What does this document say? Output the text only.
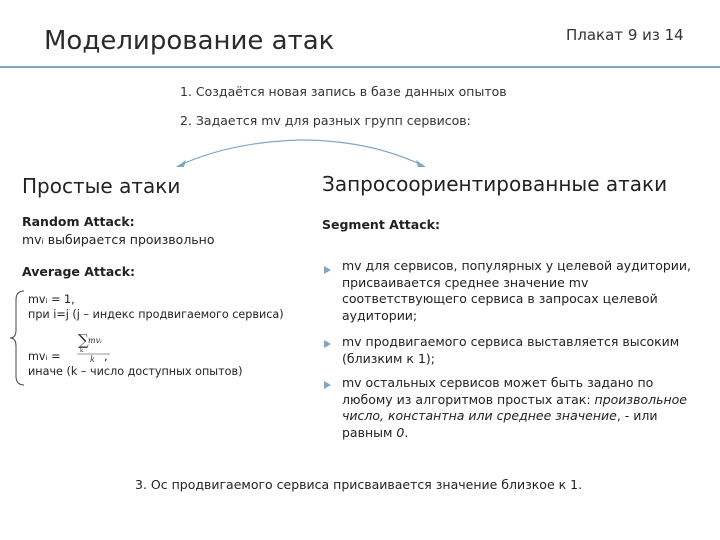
Моделирование атак	Плакат 9 из 14
1. Создаётся новая запись в базе данных опытов
2. Задается mv для разных групп сервисов:
Простые атаки	Запросоориентированные атаки
Random Attack:
mvᵢ выбирается произвольно
Average Attack:
mvᵢ = 1,
при i=j (j – индекс продвигаемого сервиса)
∑
k
mvᵢ
k
mvᵢ =	,
иначе (k – число доступных опытов)
Segment Attack:
mv для сервисов, популярных у целевой аудитории, присваивается среднее значение mv соответствующего сервиса в запросах целевой аудитории;
mv продвигаемого сервиса выставляется высоким (близким к 1);
mv остальных сервисов может быть задано по любому из алгоритмов простых атак: произвольное число, константна или среднее значение, - или равным 0.
3. Oc продвигаемого сервиса присваивается значение близкое к 1.
